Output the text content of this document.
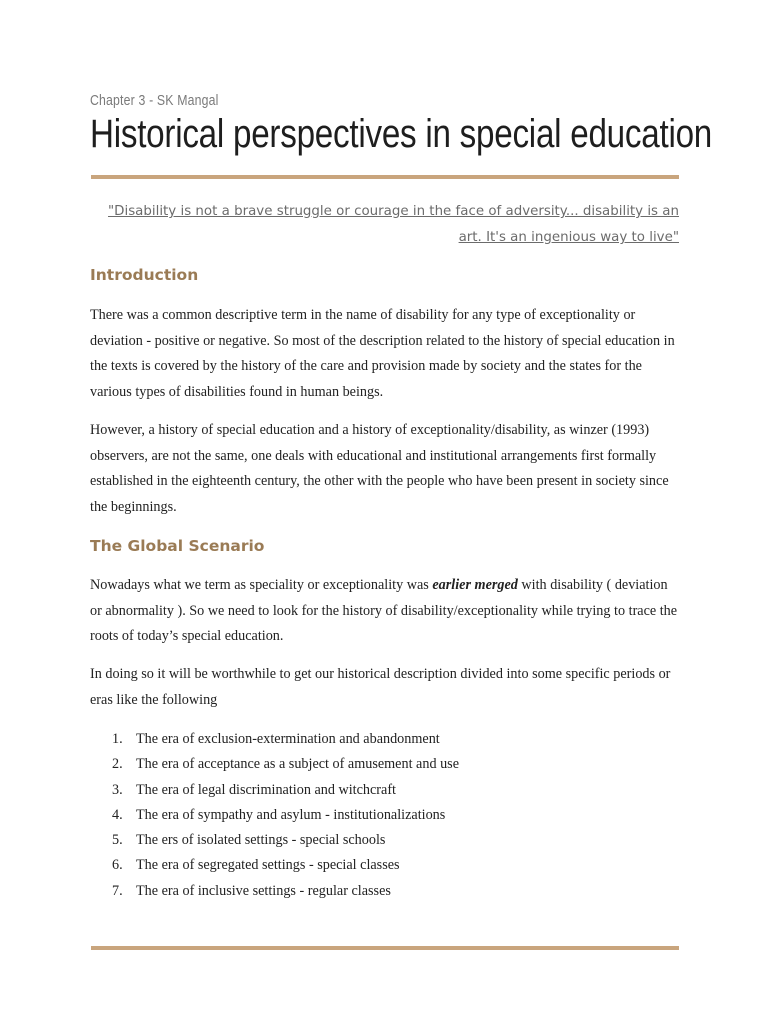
Chapter 3 - SK Mangal
Historical perspectives in special education
"Disability is not a brave struggle or courage in the face of adversity... disability is an art. It's an ingenious way to live"
Introduction

There was a common descriptive term in the name of disability for any type of exceptionality or deviation - positive or negative. So most of the description related to the history of special education in the texts is covered by the history of the care and provision made by society and the states for the various types of disabilities found in human beings.

However, a history of special education and a history of exceptionality/disability, as winzer (1993) observers, are not the same, one deals with educational and institutional arrangements first formally established in the eighteenth century, the other with the people who have been present in society since the beginnings.

The Global Scenario

Nowadays what we term as speciality or exceptionality was earlier merged with disability ( deviation or abnormality ). So we need to look for the history of disability/exceptionality while trying to trace the roots of today’s special education.

In doing so it will be worthwhile to get our historical description divided into some specific periods or eras like the following

1. The era of exclusion-extermination and abandonment
2. The era of acceptance as a subject of amusement and use
3. The era of legal discrimination and witchcraft
4. The era of sympathy and asylum - institutionalizations
5. The ers of isolated settings - special schools
6. The era of segregated settings - special classes
7. The era of inclusive settings - regular classes
